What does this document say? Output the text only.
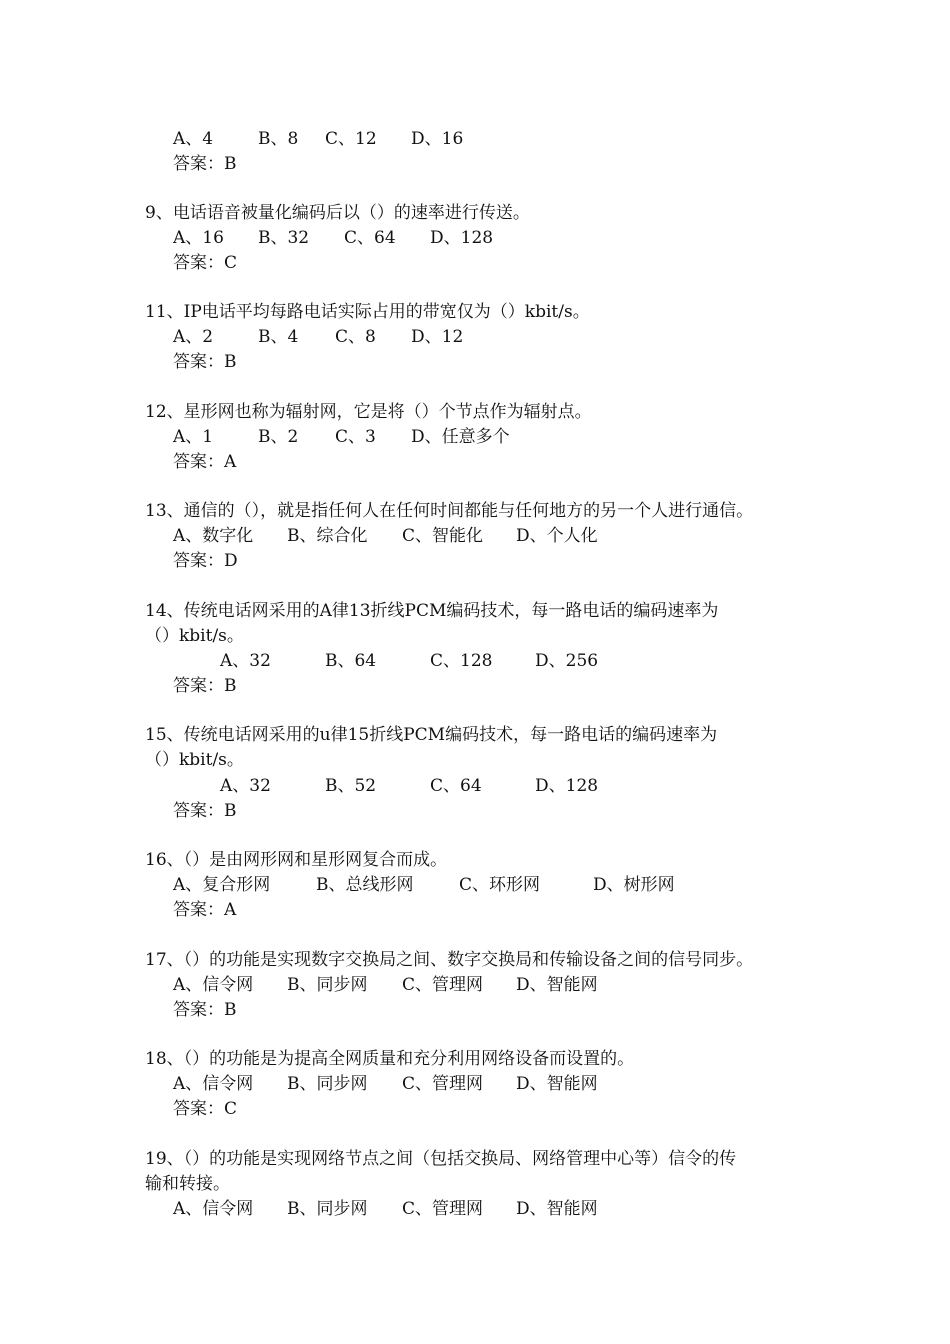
A、4	B、8 C、12 D、16
答案：B
9、电话语音被量化编码后以（）的速率进行传送。
A、16 B、32 C、64 D、128
答案：C
11、IP电话平均每路电话实际占用的带宽仅为（）kbit/s。
A、2	B、4 C、8 D、12
答案：B
12、星形网也称为辐射网，它是将（）个节点作为辐射点。
A、1	B、2 C、3 D、任意多个
答案：A
13、通信的（），就是指任何人在任何时间都能与任何地方的另一个人进行通信。
A、数字化 B、综合化 C、智能化 D、个人化
答案：D
14、传统电话网采用的A律13折线PCM编码技术，每一路电话的编码速率为
（）kbit/s。
A、32	B、64	C、128	D、256
答案：B
15、传统电话网采用的u律15折线PCM编码技术，每一路电话的编码速率为
（）kbit/s。
A、32	B、52	C、64	D、128
答案：B
16、（）是由网形网和星形网复合而成。
A、复合形网	B、总线形网	C、环形网	D、树形网
答案：A
17、（）的功能是实现数字交换局之间、数字交换局和传输设备之间的信号同步。
A、信令网 B、同步网 C、管理网 D、智能网
答案：B
18、（）的功能是为提高全网质量和充分利用网络设备而设置的。
A、信令网 B、同步网 C、管理网 D、智能网
答案：C
19、（）的功能是实现网络节点之间（包括交换局、网络管理中心等）信令的传
输和转接。
A、信令网 B、同步网 C、管理网 D、智能网
